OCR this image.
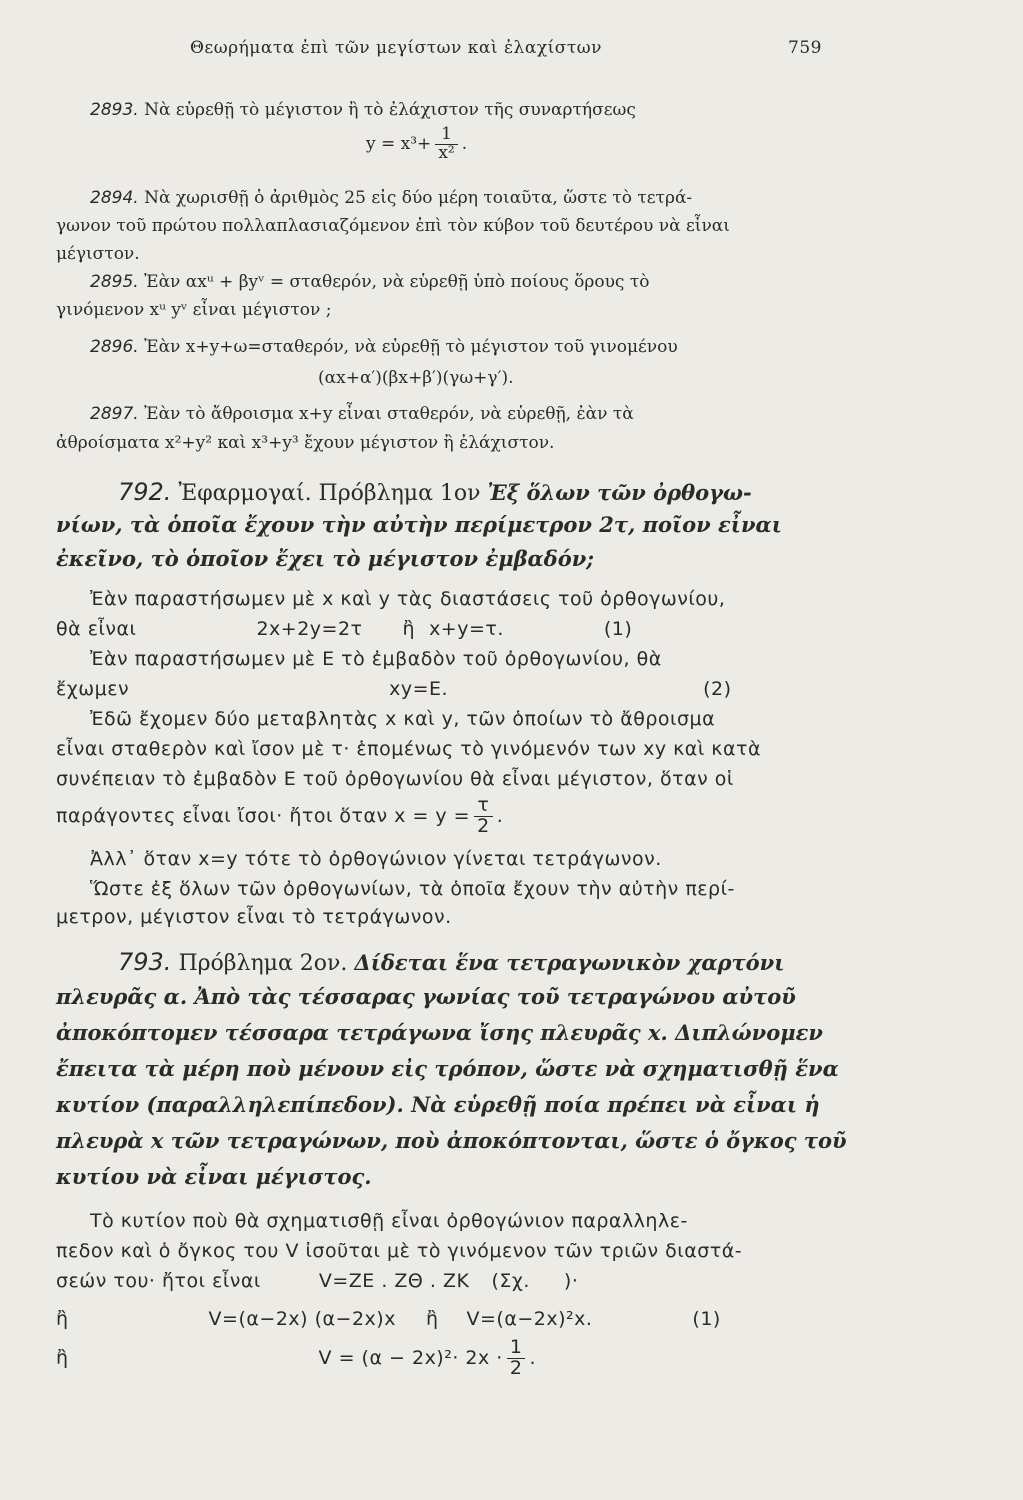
Θεωρήματα ἐπὶ τῶν μεγίστων καὶ ἐλαχίστων	759
2893. Νὰ εὑρεθῇ τὸ μέγιστον ἢ τὸ ἐλάχιστον τῆς συναρτήσεως
$y = x^3+ \frac{1}{\text{x²}}$ .
2894. Νὰ χωρισθῇ ὁ ἀριθμὸς 25 εἰς δύο μέρη τοιαῦτα, ὥστε τὸ τετρά-
γωνον τοῦ πρώτου πολλαπλασιαζόμενον ἐπὶ τὸν κύβον τοῦ δευτέρου νὰ εἶναι
μέγιστον.
2895. Ἐὰν αxᵘ + βyᵛ = σταθερόν, νὰ εὑρεθῇ ὑπὸ ποίους ὅρους τὸ
γινόμενον xᵘ yᵛ εἶναι μέγιστον ;
2896. Ἐὰν x+y+ω=σταθερόν, νὰ εὑρεθῇ τὸ μέγιστον τοῦ γινομένου
(αx+α′)(βx+β′)(γω+γ′).
2897. Ἐὰν τὸ ἄθροισμα x+y εἶναι σταθερόν, νὰ εὑρεθῇ, ἐὰν τὰ
ἀθροίσματα x²+y² καὶ x³+y³ ἔχουν μέγιστον ἢ ἐλάχιστον.
792. Ἐφαρμογαί. Πρόβλημα 1ον Ἐξ ὅλων τῶν ὀρθογω-
νίων, τὰ ὁποῖα ἔχουν τὴν αὐτὴν περίμετρον 2τ, ποῖον εἶναι
ἐκεῖνο, τὸ ὁποῖον ἔχει τὸ μέγιστον ἐμβαδόν;
Ἐὰν παραστήσωμεν μὲ x καὶ y τὰς διαστάσεις τοῦ ὀρθογωνίου,
θὰ εἶναι	2x+2y=2τ ἢ x+y=τ.	(1)
Ἐὰν παραστήσωμεν μὲ Ε τὸ ἐμβαδὸν τοῦ ὀρθογωνίου, θὰ
ἔχωμεν	xy=E.	(2)
Ἐδῶ ἔχομεν δύο μεταβλητὰς x καὶ y, τῶν ὁποίων τὸ ἄθροισμα
εἶναι σταθερὸν καὶ ἴσον μὲ τ· ἑπομένως τὸ γινόμενόν των xy καὶ κατὰ
συνέπειαν τὸ ἐμβαδὸν Ε τοῦ ὀρθογωνίου θὰ εἶναι μέγιστον, ὅταν οἱ
παράγοντες εἶναι ἴσοι· ἤτοι ὅταν $x = y = \frac{\tau}{2}$ .
Ἀλλ᾽ ὅταν x=y τότε τὸ ὀρθογώνιον γίνεται τετράγωνον.
Ὥστε ἐξ ὅλων τῶν ὀρθογωνίων, τὰ ὁποῖα ἔχουν τὴν αὐτὴν περί-
μετρον, μέγιστον εἶναι τὸ τετράγωνον.
793. Πρόβλημα 2ον. Δίδεται ἕνα τετραγωνικὸν χαρτόνι
πλευρᾶς α. Ἀπὸ τὰς τέσσαρας γωνίας τοῦ τετραγώνου αὐτοῦ
ἀποκόπτομεν τέσσαρα τετράγωνα ἴσης πλευρᾶς x. Διπλώνομεν
ἔπειτα τὰ μέρη ποὺ μένουν εἰς τρόπον, ὥστε νὰ σχηματισθῇ ἕνα
κυτίον (παραλληλεπίπεδον). Νὰ εὑρεθῇ ποία πρέπει νὰ εἶναι ἡ
πλευρὰ x τῶν τετραγώνων, ποὺ ἀποκόπτονται, ὥστε ὁ ὄγκος τοῦ
κυτίου νὰ εἶναι μέγιστος.
Τὸ κυτίον ποὺ θὰ σχηματισθῇ εἶναι ὀρθογώνιον παραλληλε-
πεδον καὶ ὁ ὄγκος του V ἰσοῦται μὲ τὸ γινόμενον τῶν τριῶν διαστά-
σεών του· ἤτοι εἶναι	V=ΖΕ . ΖΘ . ΖΚ (Σχ. )·
ἢ	V=(α−2x) (α−2x)x ἢ V=(α−2x)²x.	(1)
ἢ	$V = (\alpha - 2x)^2\cdot 2x \cdot \frac{1}{2}$ .
